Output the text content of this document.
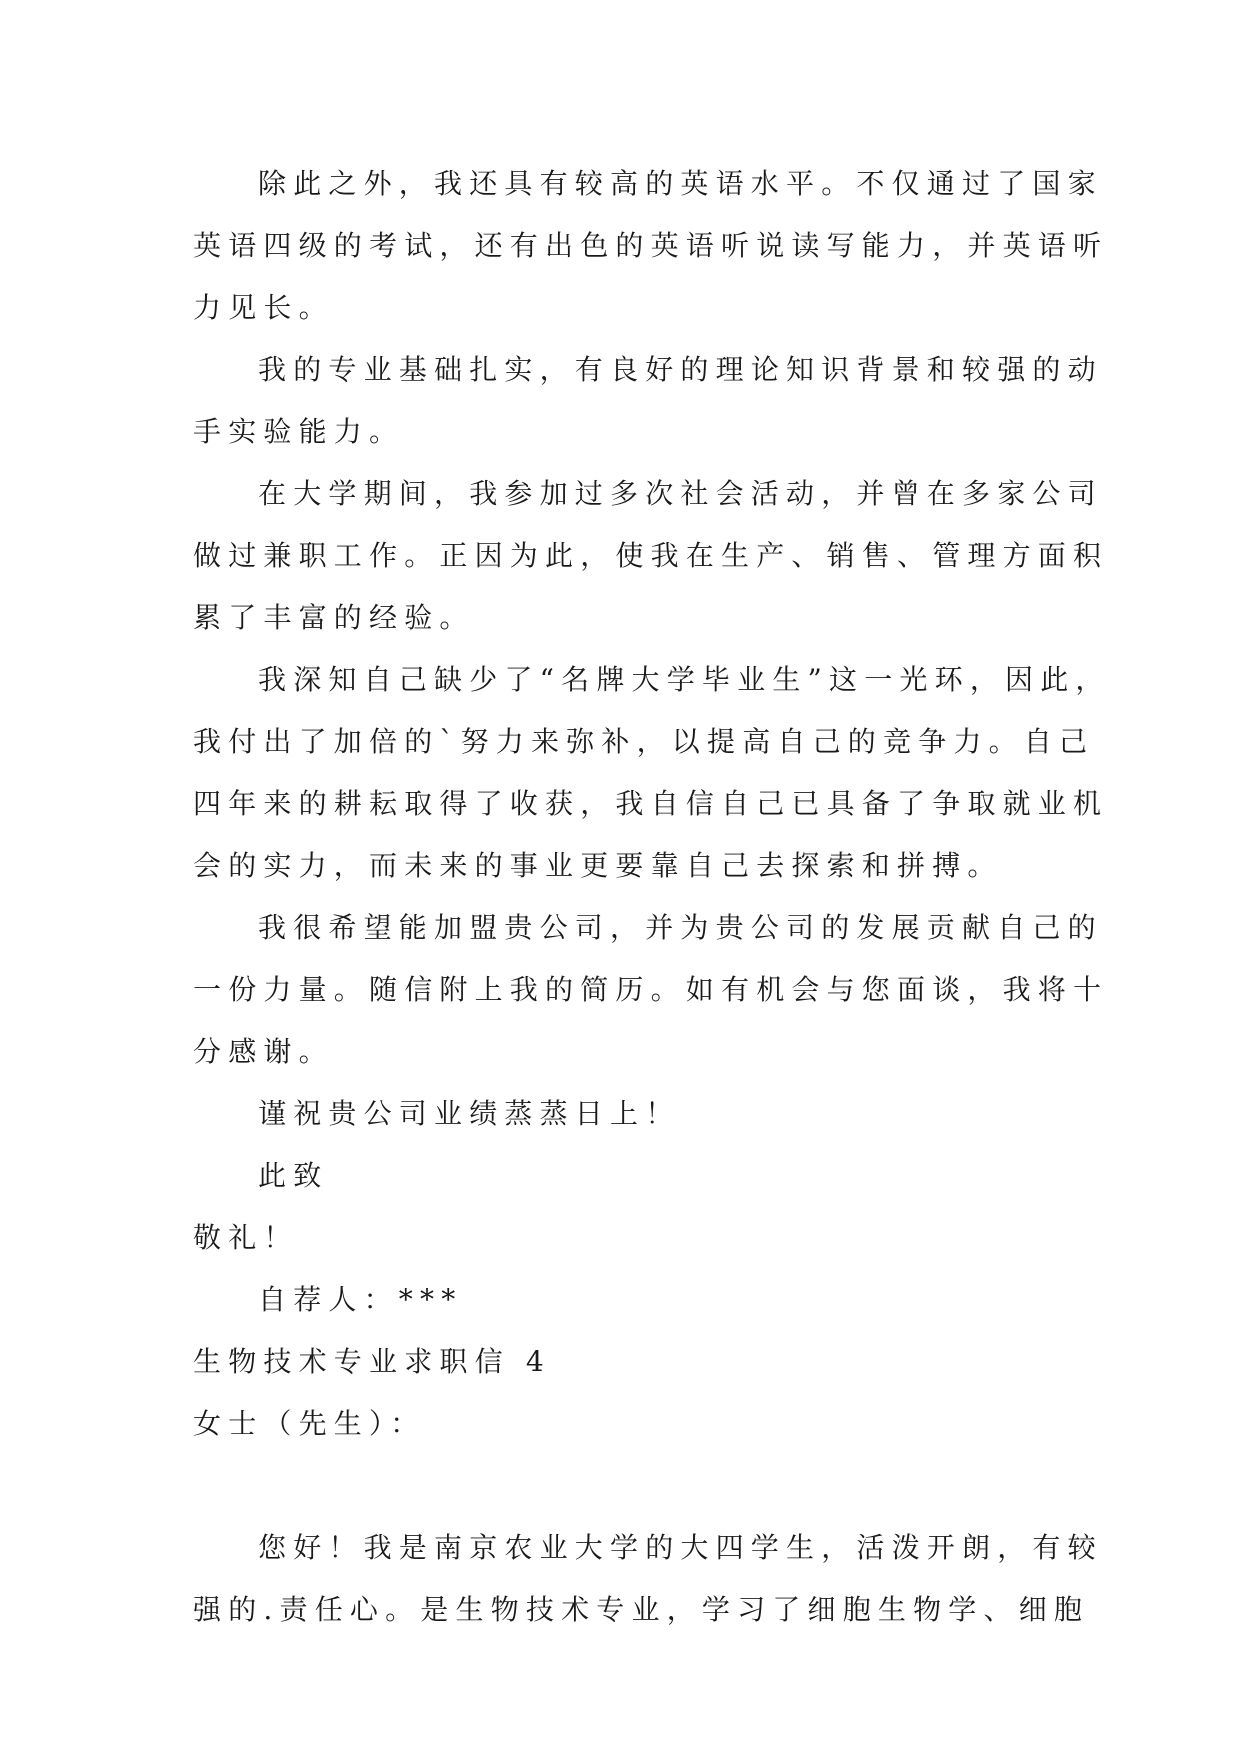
除此之外，我还具有较高的英语水平。不仅通过了国家
英语四级的考试，还有出色的英语听说读写能力，并英语听
力见长。
我的专业基础扎实，有良好的理论知识背景和较强的动
手实验能力。
在大学期间，我参加过多次社会活动，并曾在多家公司
做过兼职工作。正因为此，使我在生产、销售、管理方面积
累了丰富的经验。
我深知自己缺少了“名牌大学毕业生”这一光环，因此，
我付出了加倍的`努力来弥补，以提高自己的竞争力。自己
四年来的耕耘取得了收获，我自信自己已具备了争取就业机
会的实力，而未来的事业更要靠自己去探索和拼搏。
我很希望能加盟贵公司，并为贵公司的发展贡献自己的
一份力量。随信附上我的简历。如有机会与您面谈，我将十
分感谢。
谨祝贵公司业绩蒸蒸日上！
此致
敬礼！
自荐人：***
生物技术专业求职信 4
女士（先生）：
您好！我是南京农业大学的大四学生，活泼开朗，有较
强的.责任心。是生物技术专业，学习了细胞生物学、细胞
